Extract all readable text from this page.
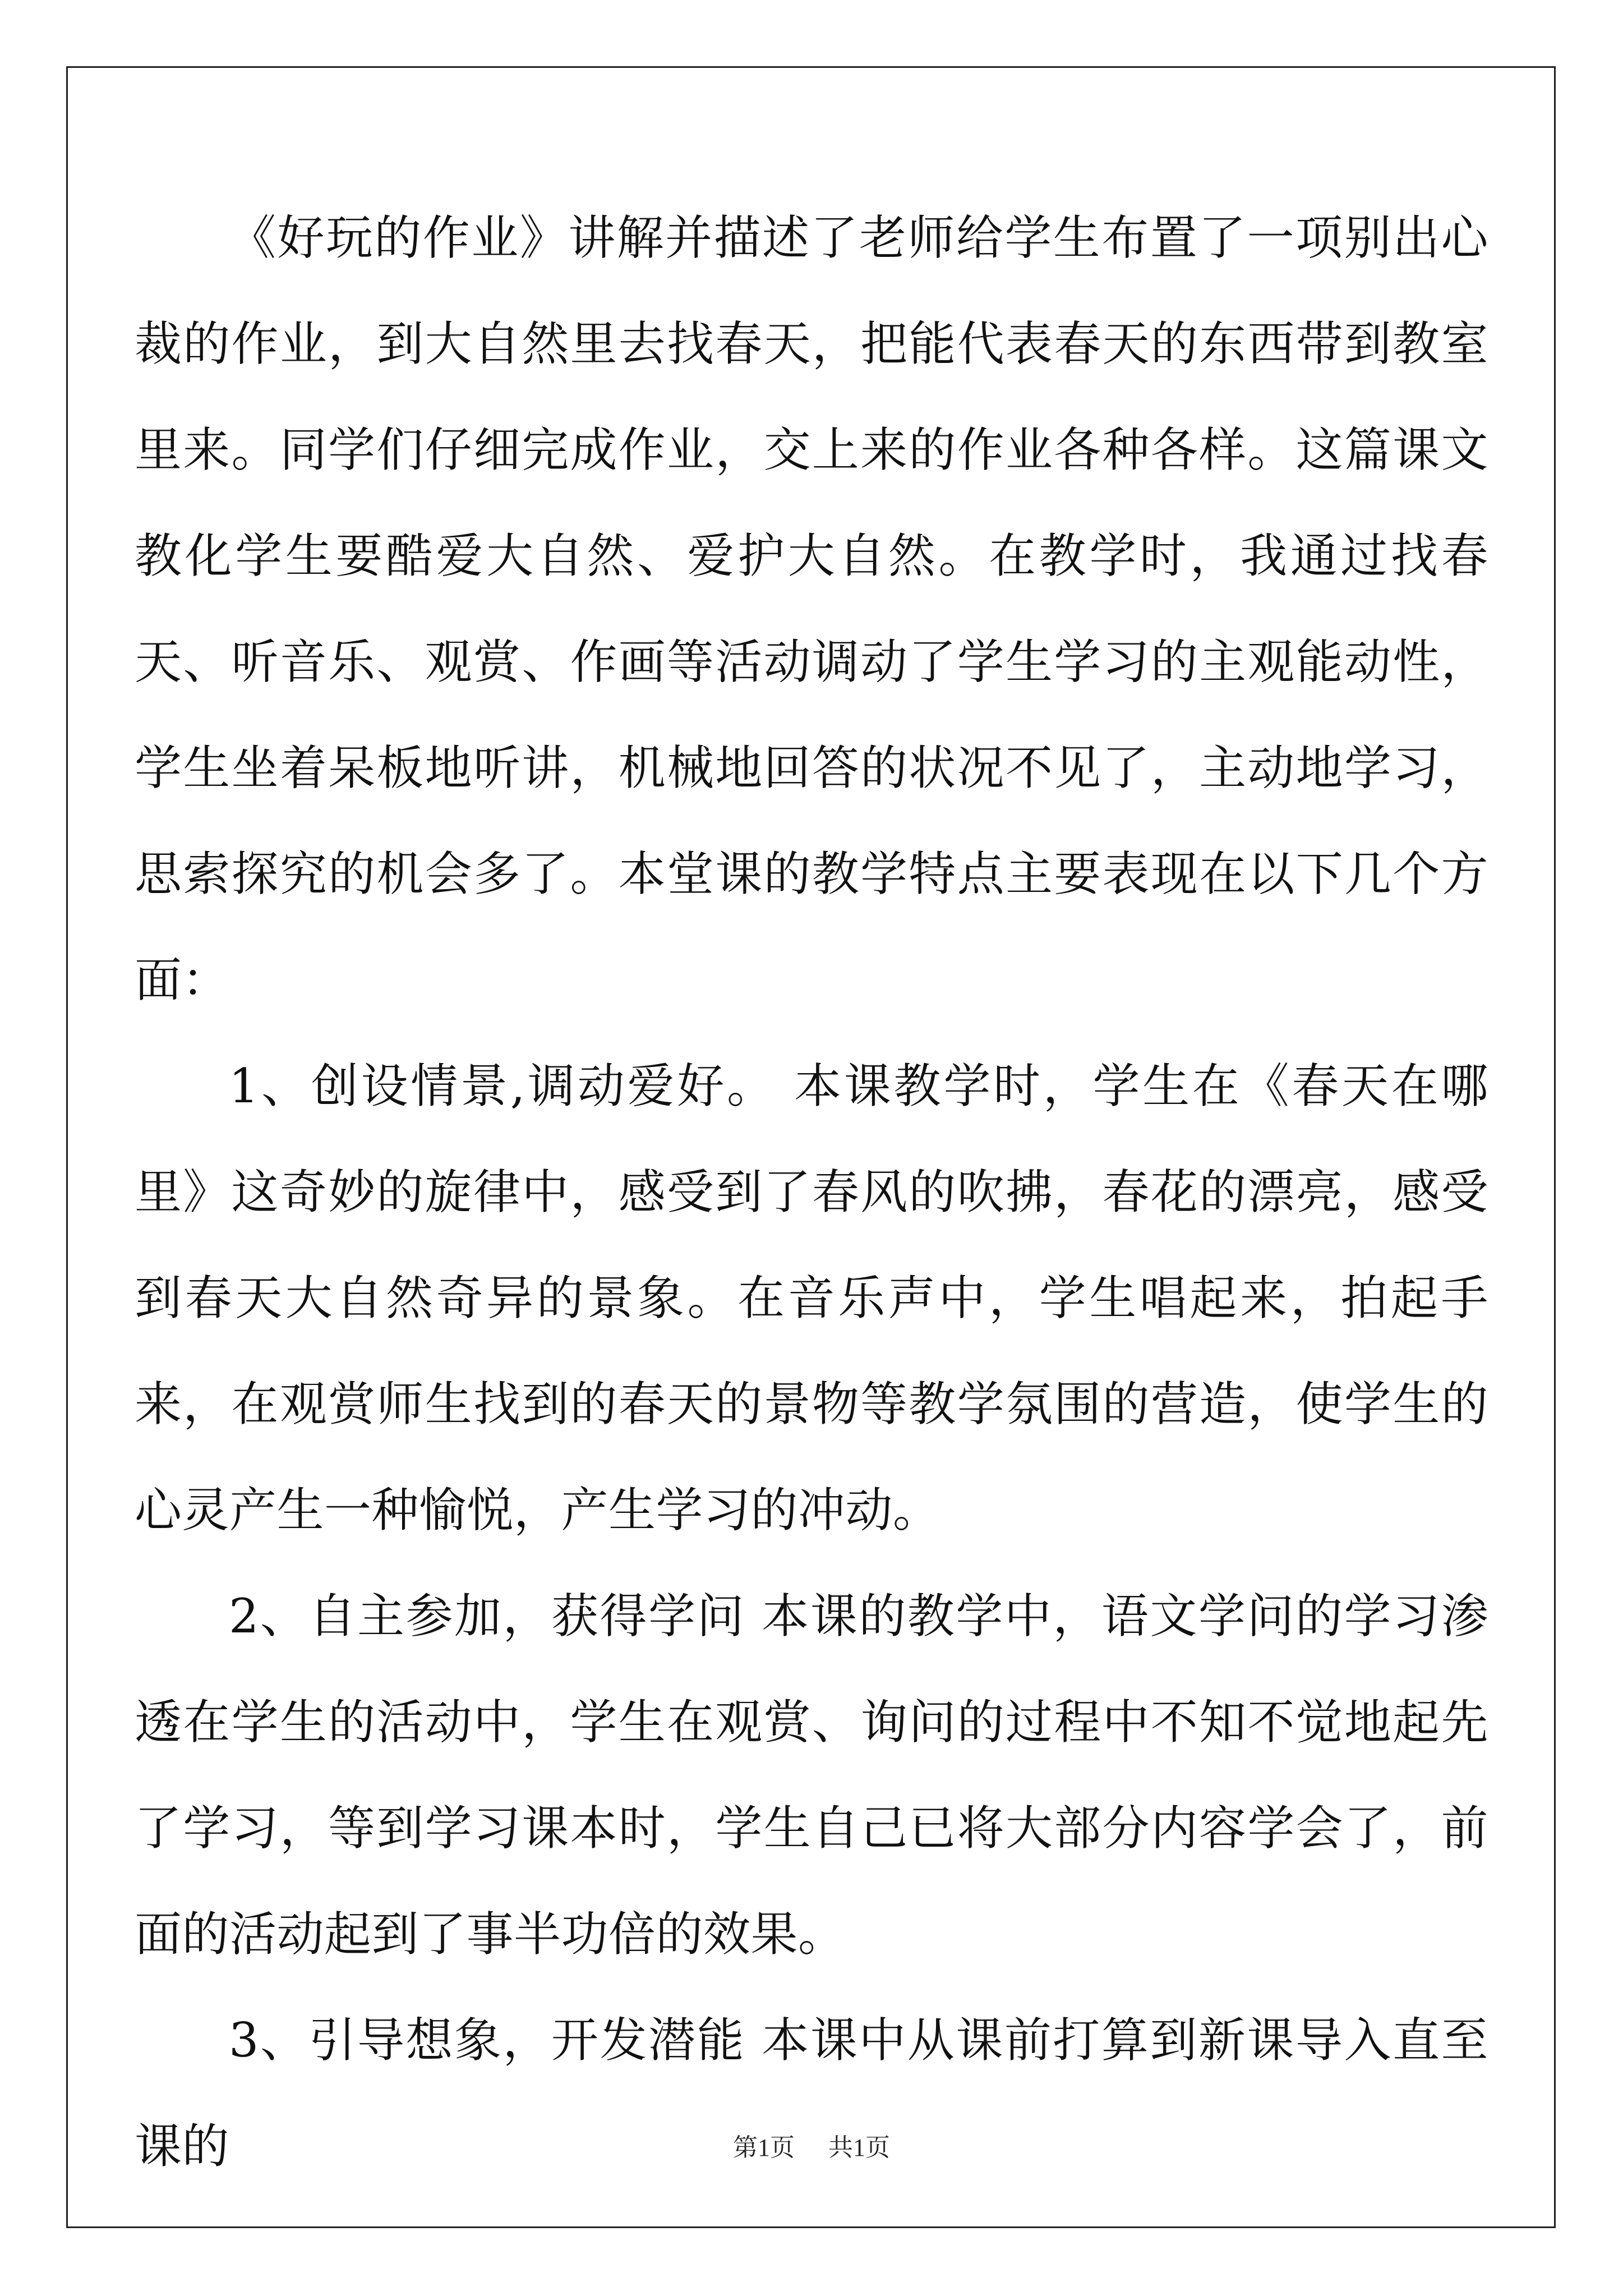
《好玩的作业》讲解并描述了老师给学生布置了一项别出心裁的作业，到大自然里去找春天，把能代表春天的东西带到教室里来。同学们仔细完成作业，交上来的作业各种各样。这篇课文教化学生要酷爱大自然、爱护大自然。在教学时，我通过找春天、听音乐、观赏、作画等活动调动了学生学习的主观能动性，学生坐着呆板地听讲，机械地回答的状况不见了，主动地学习，思索探究的机会多了。本堂课的教学特点主要表现在以下几个方面：

1、创设情景,调动爱好。 本课教学时，学生在《春天在哪里》这奇妙的旋律中，感受到了春风的吹拂，春花的漂亮，感受到春天大自然奇异的景象。在音乐声中，学生唱起来，拍起手来，在观赏师生找到的春天的景物等教学氛围的营造，使学生的心灵产生一种愉悦，产生学习的冲动。

2、自主参加，获得学问 本课的教学中，语文学问的学习渗透在学生的活动中，学生在观赏、询问的过程中不知不觉地起先了学习，等到学习课本时，学生自己已将大部分内容学会了，前面的活动起到了事半功倍的效果。

3、引导想象，开发潜能 本课中从课前打算到新课导入直至课的	第1页 共1页
